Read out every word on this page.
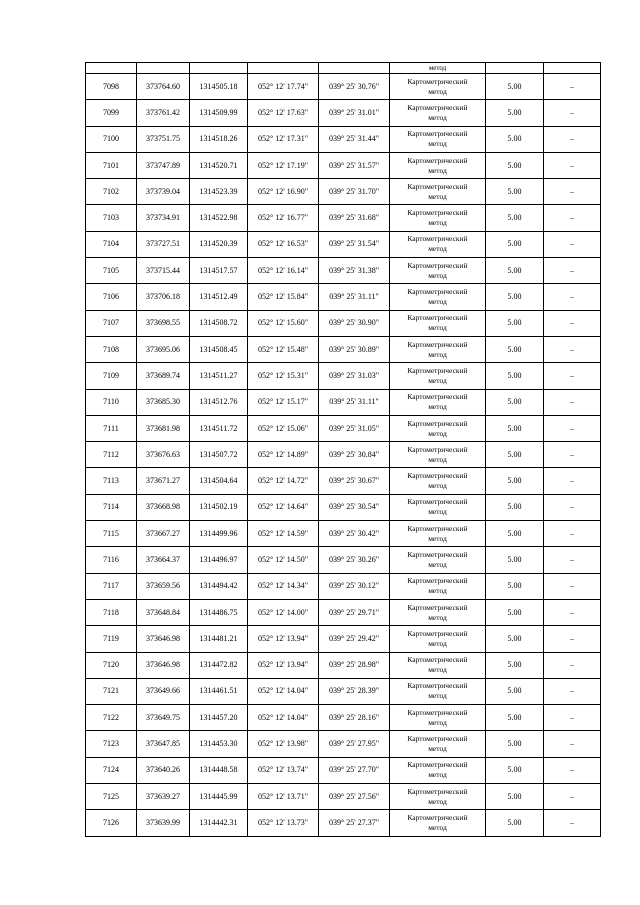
					метод		
7098	373764.60	1314505.18	052° 12' 17.74"	039° 25' 30.76"	Картометрический
метод	5.00	–
7099	373761.42	1314509.99	052° 12' 17.63"	039° 25' 31.01"	Картометрический
метод	5.00	–
7100	373751.75	1314518.26	052° 12' 17.31"	039° 25' 31.44"	Картометрический
метод	5.00	–
7101	373747.89	1314520.71	052° 12' 17.19"	039° 25' 31.57"	Картометрический
метод	5.00	–
7102	373739.04	1314523.39	052° 12' 16.90"	039° 25' 31.70"	Картометрический
метод	5.00	–
7103	373734.91	1314522.98	052° 12' 16.77"	039° 25' 31.68"	Картометрический
метод	5.00	–
7104	373727.51	1314520.39	052° 12' 16.53"	039° 25' 31.54"	Картометрический
метод	5.00	–
7105	373715.44	1314517.57	052° 12' 16.14"	039° 25' 31.38"	Картометрический
метод	5.00	–
7106	373706.18	1314512.49	052° 12' 15.84"	039° 25' 31.11"	Картометрический
метод	5.00	–
7107	373698.55	1314508.72	052° 12' 15.60"	039° 25' 30.90"	Картометрический
метод	5.00	–
7108	373695.06	1314508.45	052° 12' 15.48"	039° 25' 30.89"	Картометрический
метод	5.00	–
7109	373689.74	1314511.27	052° 12' 15.31"	039° 25' 31.03"	Картометрический
метод	5.00	–
7110	373685.30	1314512.76	052° 12' 15.17"	039° 25' 31.11"	Картометрический
метод	5.00	–
7111	373681.98	1314511.72	052° 12' 15.06"	039° 25' 31.05"	Картометрический
метод	5.00	–
7112	373676.63	1314507.72	052° 12' 14.89"	039° 25' 30.84"	Картометрический
метод	5.00	–
7113	373671.27	1314504.64	052° 12' 14.72"	039° 25' 30.67"	Картометрический
метод	5.00	–
7114	373668.98	1314502.19	052° 12' 14.64"	039° 25' 30.54"	Картометрический
метод	5.00	–
7115	373667.27	1314499.96	052° 12' 14.59"	039° 25' 30.42"	Картометрический
метод	5.00	–
7116	373664.37	1314496.97	052° 12' 14.50"	039° 25' 30.26"	Картометрический
метод	5.00	–
7117	373659.56	1314494.42	052° 12' 14.34"	039° 25' 30.12"	Картометрический
метод	5.00	–
7118	373648.84	1314486.75	052° 12' 14.00"	039° 25' 29.71"	Картометрический
метод	5.00	–
7119	373646.98	1314481.21	052° 12' 13.94"	039° 25' 29.42"	Картометрический
метод	5.00	–
7120	373646.98	1314472.82	052° 12' 13.94"	039° 25' 28.98"	Картометрический
метод	5.00	–
7121	373649.66	1314461.51	052° 12' 14.04"	039° 25' 28.39"	Картометрический
метод	5.00	–
7122	373649.75	1314457.20	052° 12' 14.04"	039° 25' 28.16"	Картометрический
метод	5.00	–
7123	373647.85	1314453.30	052° 12' 13.98"	039° 25' 27.95"	Картометрический
метод	5.00	–
7124	373640.26	1314448.58	052° 12' 13.74"	039° 25' 27.70"	Картометрический
метод	5.00	–
7125	373639.27	1314445.99	052° 12' 13.71"	039° 25' 27.56"	Картометрический
метод	5.00	–
7126	373639.99	1314442.31	052° 12' 13.73"	039° 25' 27.37"	Картометрический
метод	5.00	–
